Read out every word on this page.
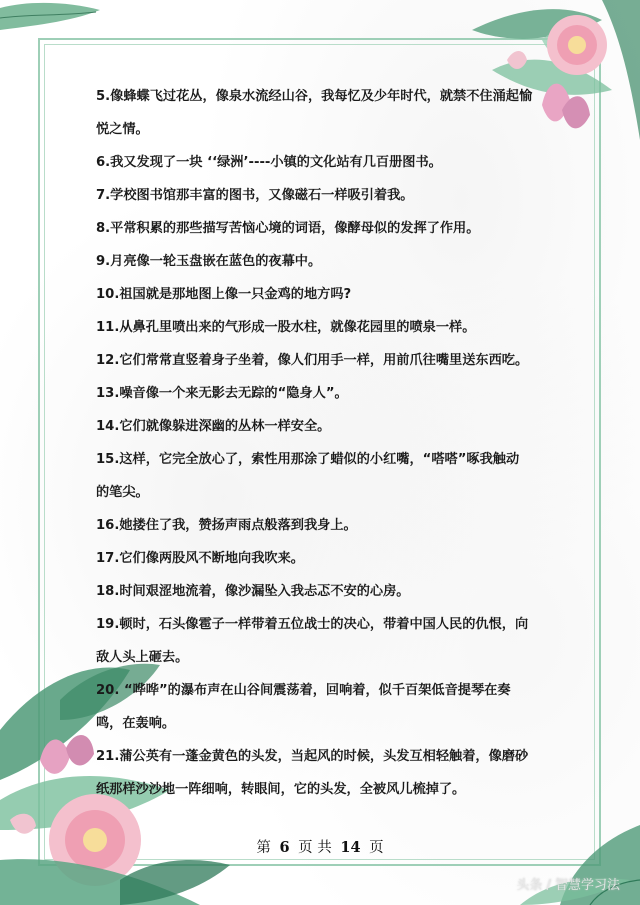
5.像蜂蝶飞过花丛，像泉水流经山谷，我每忆及少年时代，就禁不住涌起愉
悦之情。

6.我又发现了一块 ‘‘绿洲’----小镇的文化站有几百册图书。

7.学校图书馆那丰富的图书，又像磁石一样吸引着我。

8.平常积累的那些描写苦恼心境的词语，像酵母似的发挥了作用。

9.月亮像一轮玉盘嵌在蓝色的夜幕中。

10.祖国就是那地图上像一只金鸡的地方吗?

11.从鼻孔里喷出来的气形成一股水柱，就像花园里的喷泉一样。

12.它们常常直竖着身子坐着，像人们用手一样，用前爪往嘴里送东西吃。

13.噪音像一个来无影去无踪的“隐身人”。

14.它们就像躲进深幽的丛林一样安全。

15.这样，它完全放心了，索性用那涂了蜡似的小红嘴，“嗒嗒”啄我触动
的笔尖。

16.她搂住了我，赞扬声雨点般落到我身上。

17.它们像两股风不断地向我吹来。

18.时间艰涩地流着，像沙漏坠入我忐忑不安的心房。

19.顿时，石头像雹子一样带着五位战士的决心，带着中国人民的仇恨，向
敌人头上砸去。

20. “哗哗”的瀑布声在山谷间震荡着，回响着，似千百架低音提琴在奏
鸣，在轰响。

21.蒲公英有一蓬金黄色的头发，当起风的时候，头发互相轻触着，像磨砂
纸那样沙沙地一阵细响，转眼间，它的头发，全被风儿梳掉了。

第 6 页 共 14 页
头条 / 智慧学习法
